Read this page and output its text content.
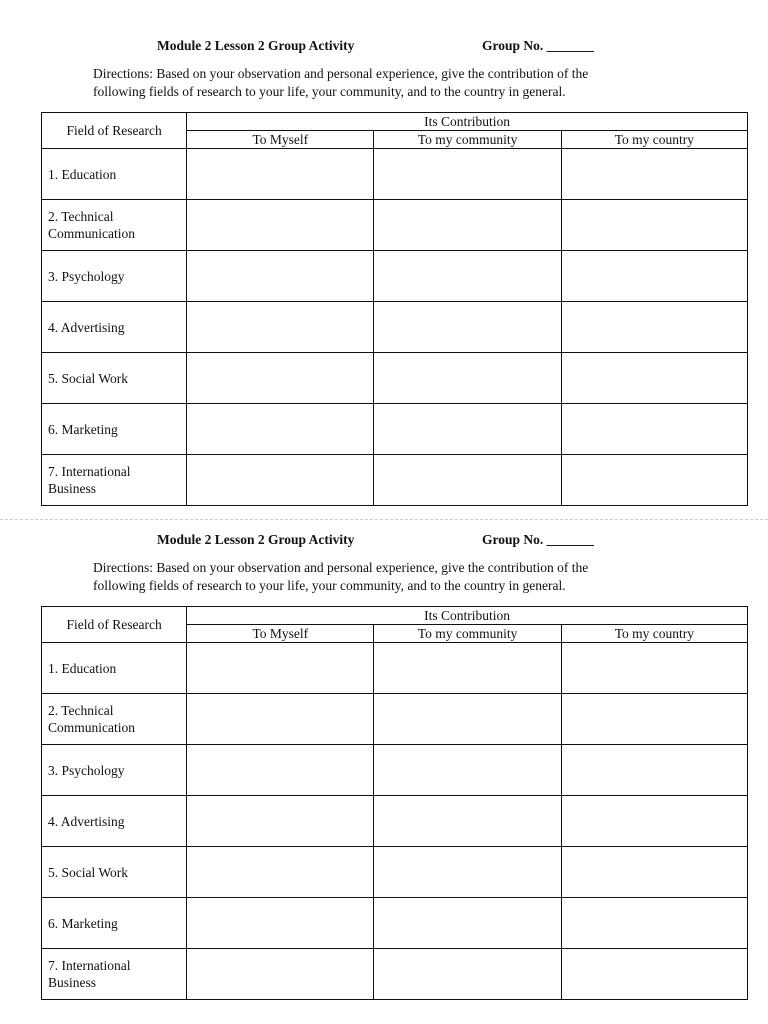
Module 2 Lesson 2 Group Activity	Group No. _______
Directions: Based on your observation and personal experience, give the contribution of the
following fields of research to your life, your community, and to the country in general.
Field of Research	Its Contribution		
	To Myself	To my community	To my country

1. Education			

2. Technical
Communication			

3. Psychology			

4. Advertising			

5. Social Work			

6. Marketing			

7. International
Business			

Module 2 Lesson 2 Group Activity	Group No. _______
Directions: Based on your observation and personal experience, give the contribution of the
following fields of research to your life, your community, and to the country in general.
Field of Research	Its Contribution		
	To Myself	To my community	To my country

1. Education			

2. Technical
Communication			

3. Psychology			

4. Advertising			

5. Social Work			

6. Marketing			

7. International
Business			
